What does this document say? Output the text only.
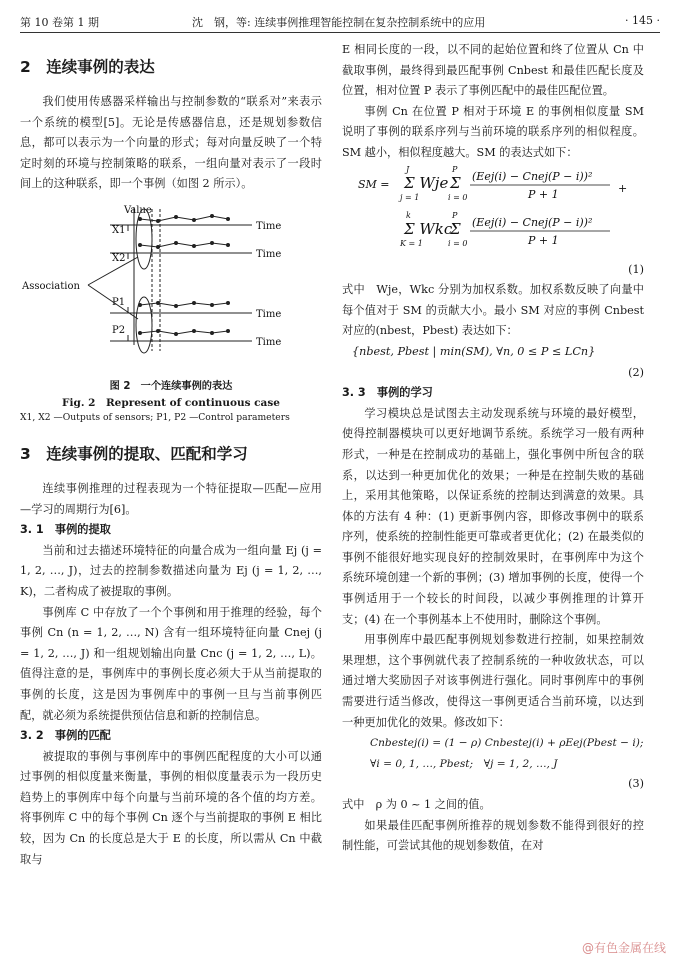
第 10 卷第 1 期	沈　钢，等: 连续事例推理智能控制在复杂控制系统中的应用	· 145 ·
2　连续事例的表达

我们使用传感器采样输出与控制参数的“联系对”来表示一个系统的模型[5]。无论是传感器信息，还是规划参数信息，都可以表示为一个向量的形式；每对向量反映了一个特定时刻的环境与控制策略的联系，一组向量对表示了一段时间上的这种联系，即一个事例（如图 2 所示）。

Value
X1
X2
P1
P2
Time
Time
Time
Time
Association
图 2　一个连续事例的表达
Fig. 2　Represent of continuous case
X1, X2 —Outputs of sensors; P1, P2 —Control parameters
3　连续事例的提取、匹配和学习

连续事例推理的过程表现为一个特征提取—匹配—应用—学习的周期行为[6]。

3. 1　事例的提取

当前和过去描述环境特征的向量合成为一组向量 Ej (j = 1, 2, …, J)，过去的控制参数描述向量为 Ej (j = 1, 2, …, K)，二者构成了被提取的事例。

事例库 C 中存放了一个个事例和用于推理的经验，每个事例 Cn (n = 1, 2, …, N) 含有一组环境特征向量 Cnej (j = 1, 2, …, J) 和一组规划输出向量 Cnc (j = 1, 2, …, L)。值得注意的是，事例库中的事例长度必须大于从当前提取的事例的长度，这是因为事例库中的事例一旦与当前事例匹配，就必须为系统提供预估信息和新的控制信息。

3. 2　事例的匹配

被提取的事例与事例库中的事例匹配程度的大小可以通过事例的相似度量来衡量，事例的相似度量表示为一段历史趋势上的事例库中每个向量与当前环境的各个值的均方差。将事例库 C 中的每个事例 Cn 逐个与当前提取的事例 E 相比较，因为 Cn 的长度总是大于 E 的长度，所以需从 Cn 中截取与

E 相同长度的一段，以不同的起始位置和终了位置从 Cn 中截取事例，最终得到最匹配事例 Cnbest 和最佳匹配长度及位置，相对位置 P 表示了事例匹配中的最佳匹配位置。

事例 Cn 在位置 P 相对于环境 E 的事例相似度量 SM 说明了事例的联系序列与当前环境的联系序列的相似程度。SM 越小，相似程度越大。SM 的表达式如下：

SM = Σ Wje
J
j = 1
Σ
P
i = 0
(Eej(i) − Cnej(P − i))²
P + 1	+
Σ Wkc
k
K = 1
Σ
P
i = 0
(Eej(i) − Cnej(P − i))²
P + 1
(1)

式中　Wje，Wkc 分别为加权系数。加权系数反映了向量中每个值对于 SM 的贡献大小。最小 SM 对应的事例 Cnbest 对应的(nbest，Pbest) 表达如下：

{nbest, Pbest | min(SM), ∀n, 0 ≤ P ≤ LCn}
(2)
3. 3　事例的学习

学习模块总是试图去主动发现系统与环境的最好模型，使得控制器模块可以更好地调节系统。系统学习一般有两种形式，一种是在控制成功的基础上，强化事例中所包含的联系，以达到一种更加优化的效果；一种是在控制失败的基础上，采用其他策略，以保证系统的控制达到满意的效果。具体的方法有 4 种：(1) 更新事例内容，即修改事例中的联系序列，使系统的控制性能更可靠或者更优化；(2) 在最类似的事例不能很好地实现良好的控制效果时，在事例库中为这个系统环境创建一个新的事例；(3) 增加事例的长度，使得一个事例适用于一个较长的时间段，以减少事例推理的计算开支；(4) 在一个事例基本上不使用时，删除这个事例。

用事例库中最匹配事例规划参数进行控制，如果控制效果理想，这个事例就代表了控制系统的一种收敛状态，可以通过增大奖励因子对该事例进行强化。同时事例库中的事例需要进行适当修改，使得这一事例更适合当前环境，以达到一种更加优化的效果。修改如下：

Cnbestej(i) = (1 − ρ) Cnbestej(i) + ρEej(Pbest − i);
∀i = 0, 1, …, Pbest;　∀j = 1, 2, …, J
(3)

式中　ρ 为 0 ~ 1 之间的值。

如果最佳匹配事例所推荐的规划参数不能得到很好的控制性能，可尝试其他的规划参数值，在对

@有色金属在线
